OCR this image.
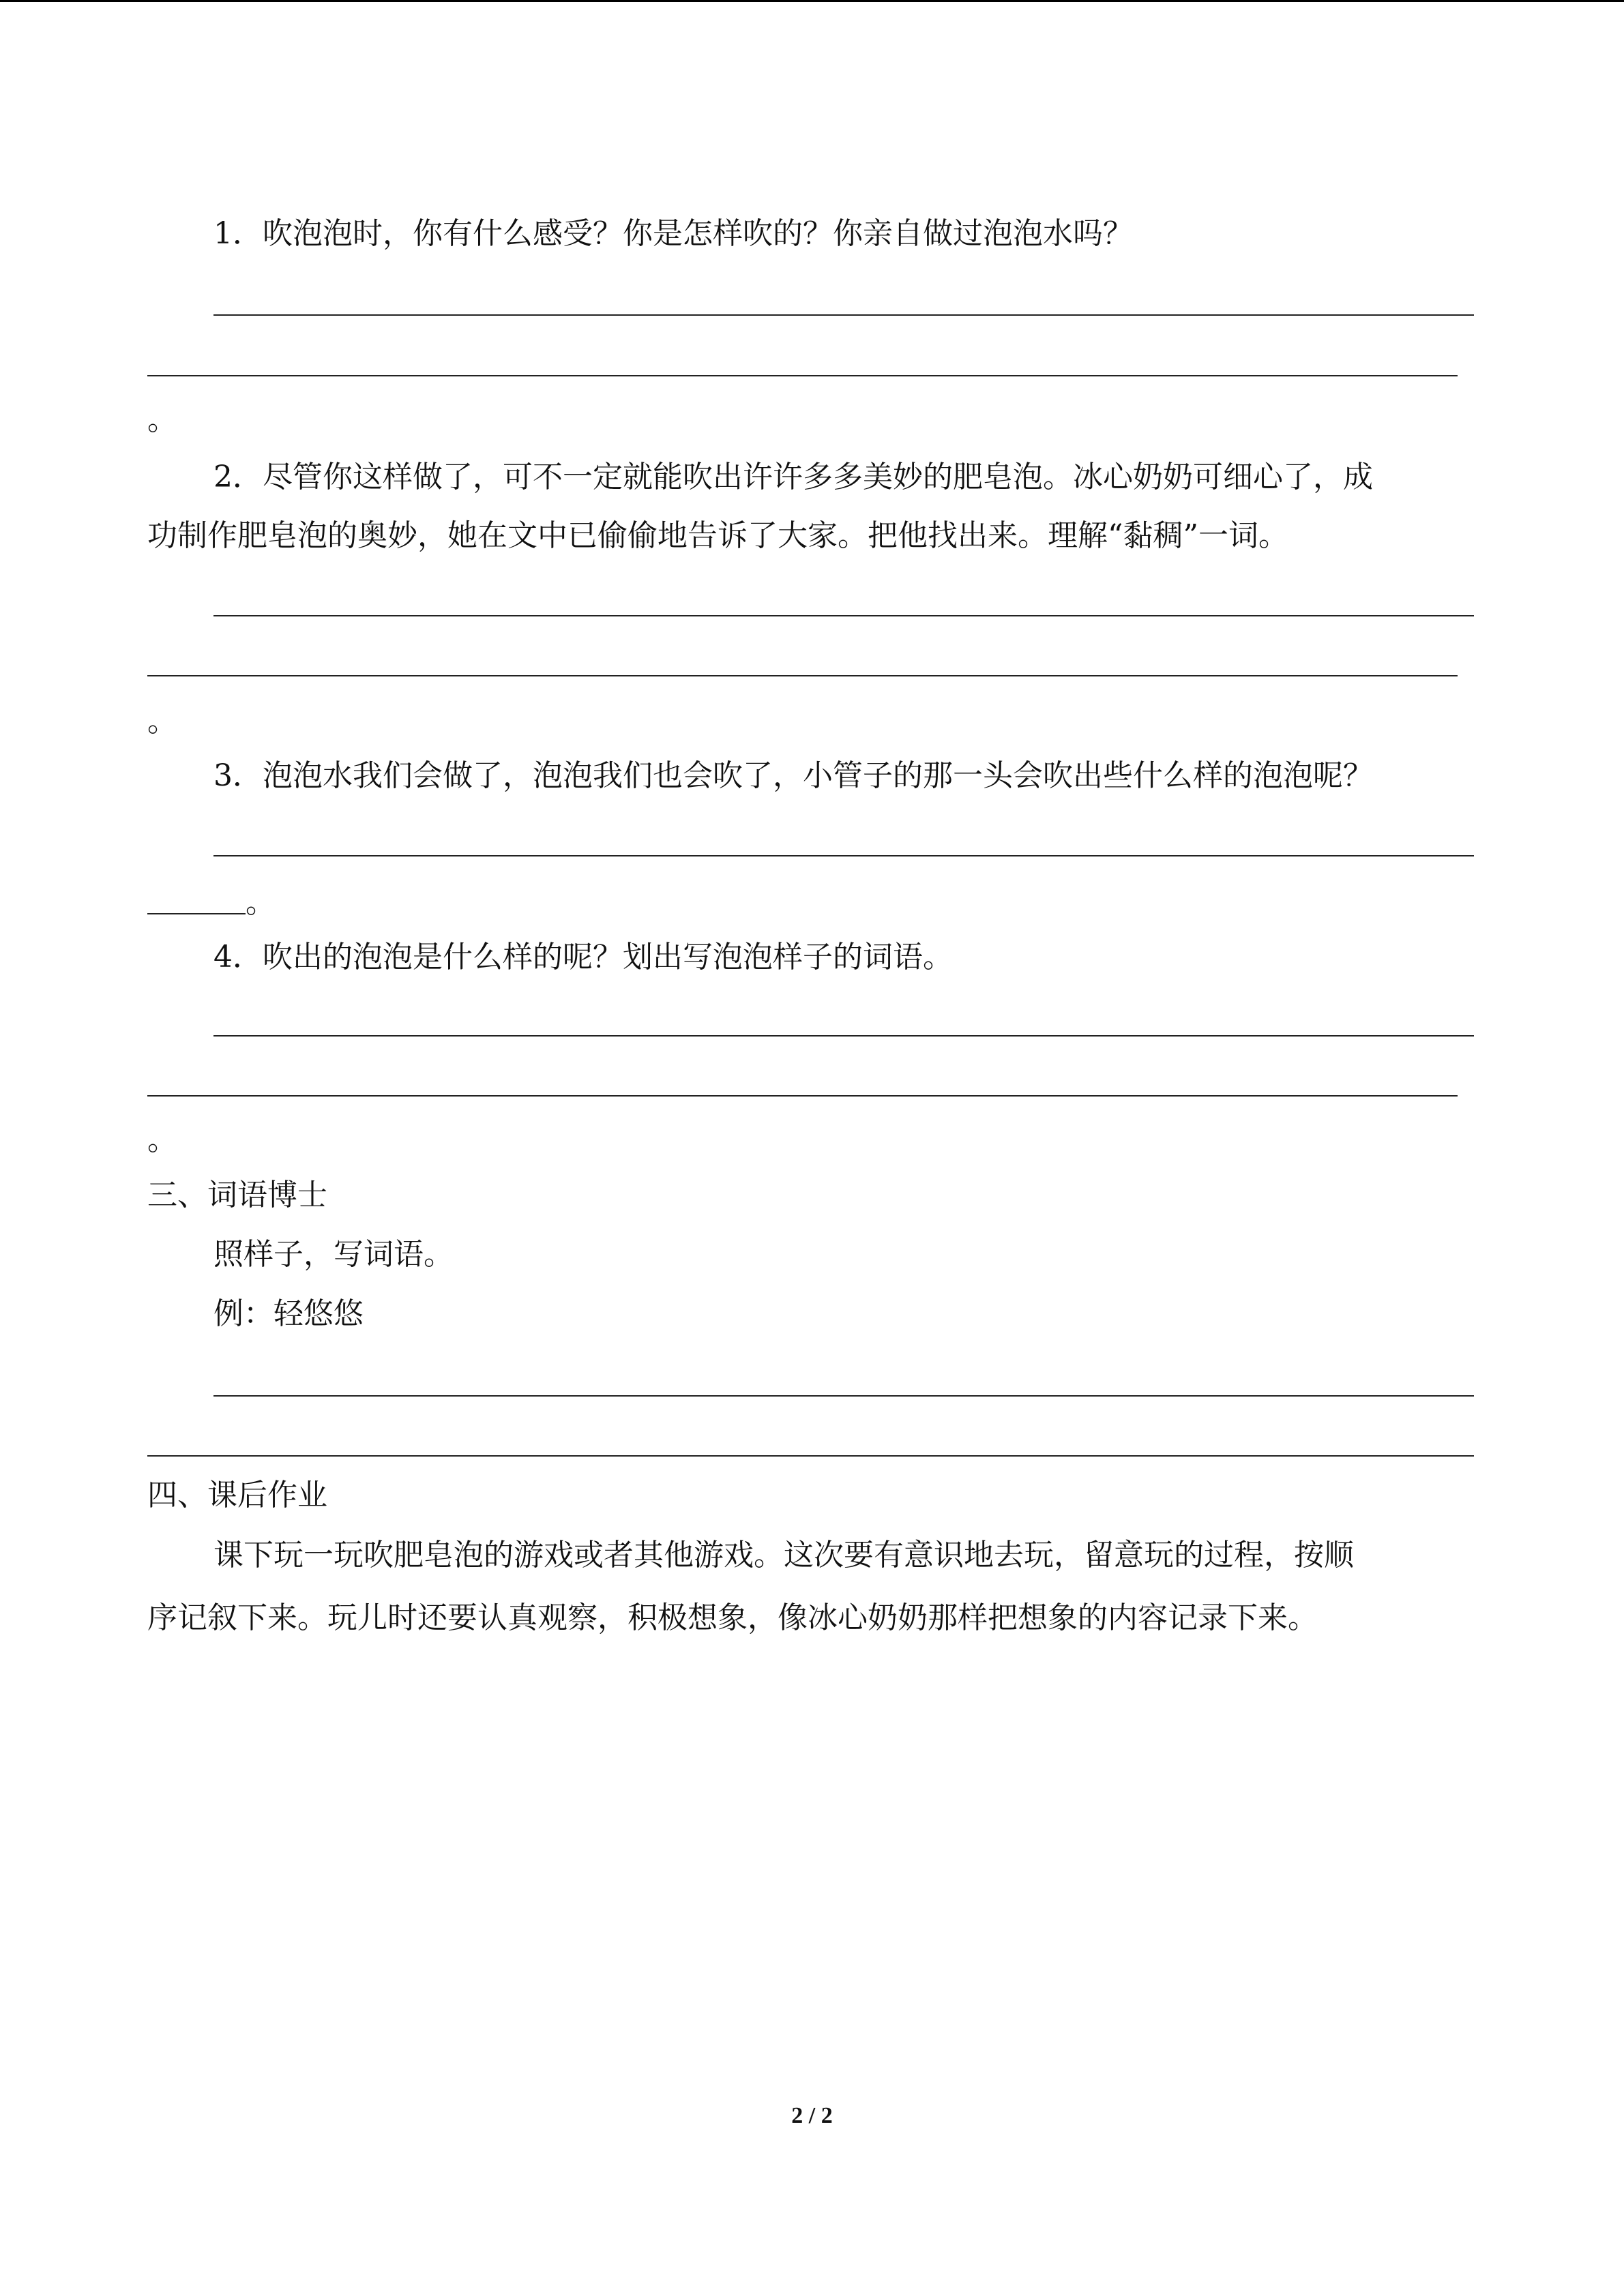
1．吹泡泡时，你有什么感受？你是怎样吹的？你亲自做过泡泡水吗？
。
2．尽管你这样做了，可不一定就能吹出许许多多美妙的肥皂泡。冰心奶奶可细心了，成
功制作肥皂泡的奥妙，她在文中已偷偷地告诉了大家。把他找出来。理解“黏稠”一词。
。
3．泡泡水我们会做了，泡泡我们也会吹了，小管子的那一头会吹出些什么样的泡泡呢？
。
4．吹出的泡泡是什么样的呢？划出写泡泡样子的词语。
。
三、词语博士
照样子，写词语。
例：轻悠悠
四、课后作业
课下玩一玩吹肥皂泡的游戏或者其他游戏。这次要有意识地去玩，留意玩的过程，按顺
序记叙下来。玩儿时还要认真观察，积极想象，像冰心奶奶那样把想象的内容记录下来。
2 / 2
